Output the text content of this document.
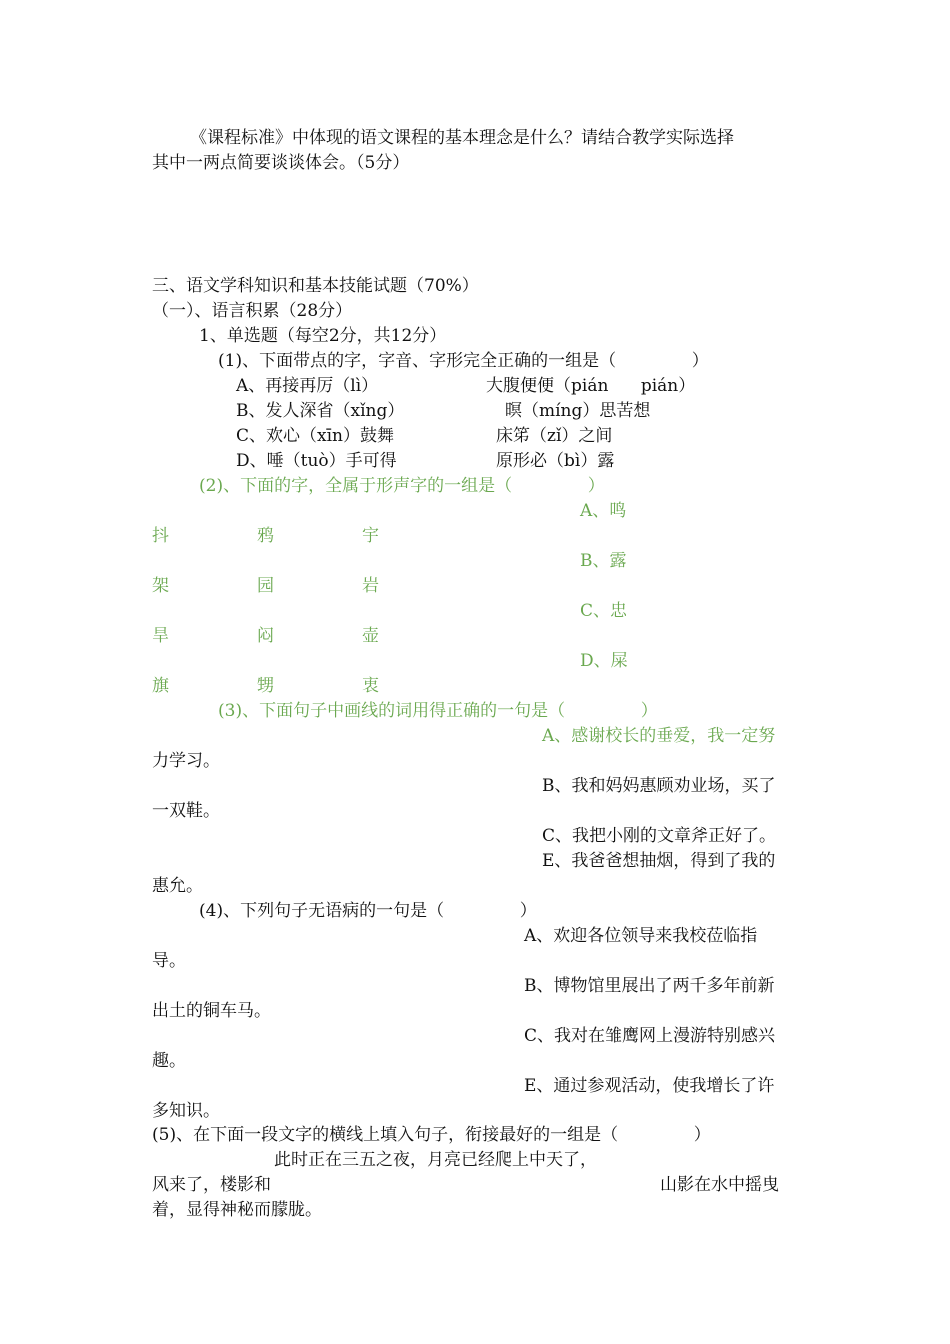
《课程标准》中体现的语文课程的基本理念是什么？请结合教学实际选择
其中一两点简要谈谈体会。（5分）
三、语文学科知识和基本技能试题（70%）
（一）、语言积累（28分）
1、单选题（每空2分，共12分）
(1)、下面带点的字，字音、字形完全正确的一组是（              ）
A、再接再厉（lì）	大腹便便（pián      pián）
B、发人深省（xǐng）	暝（míng）思苦想
C、欢心（xīn）鼓舞	床笫（zǐ）之间
D、唾（tuò）手可得	原形必（bì）露
(2)、下面的字，全属于形声字的一组是（              ）
A、鸣
抖	鸦	宇
B、露
架	园	岩
C、忠
旱	闷	壶
D、屎
旗	甥	衷
(3)、下面句子中画线的词用得正确的一句是（              ）
A、感谢校长的垂爱，我一定努
力学习。
B、我和妈妈惠顾劝业场，买了
一双鞋。
C、我把小刚的文章斧正好了。
E、我爸爸想抽烟，得到了我的
惠允。
(4)、下列句子无语病的一句是（              ）
A、欢迎各位领导来我校莅临指
导。
B、博物馆里展出了两千多年前新
出土的铜车马。
C、我对在雏鹰网上漫游特别感兴
趣。
E、通过参观活动，使我增长了许
多知识。
(5)、在下面一段文字的横线上填入句子，衔接最好的一组是（              ）
此时正在三五之夜，月亮已经爬上中天了，
风来了，楼影和	山影在水中摇曳
着，显得神秘而朦胧。
